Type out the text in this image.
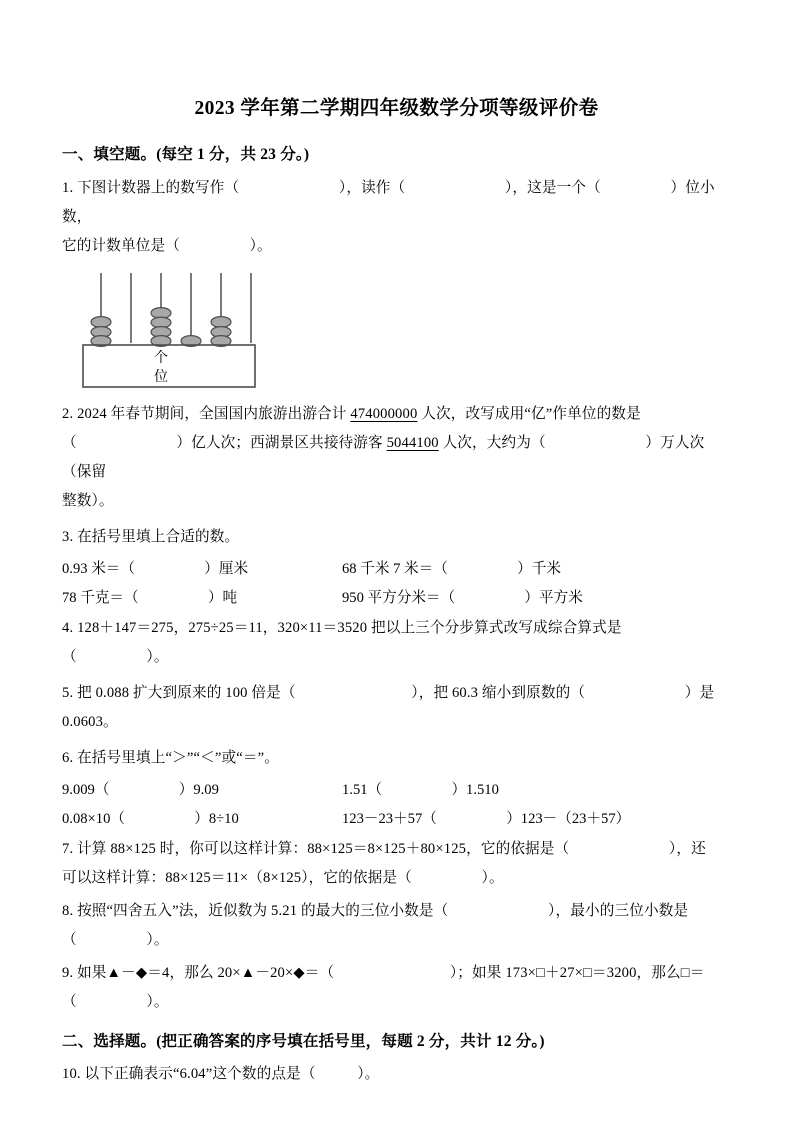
2023 学年第二学期四年级数学分项等级评价卷
一、填空题。(每空 1 分，共 23 分。)
1. 下图计数器上的数写作（	），读作（	），这是一个（	）位小数，
它的计数单位是（	）。
个
位
2. 2024 年春节期间，全国国内旅游出游合计 474000000 人次，改写成用“亿”作单位的数是
（	）亿人次；西湖景区共接待游客 5044100 人次，大约为（	）万人次（保留
整数）。
3. 在括号里填上合适的数。
0.93 米＝（	）厘米	68 千米 7 米＝（	）千米
78 千克＝（	）吨	950 平方分米＝（	）平方米
4. 128＋147＝275，275÷25＝11，320×11＝3520 把以上三个分步算式改写成综合算式是
（	）。
5. 把 0.088 扩大到原来的 100 倍是（	），把 60.3 缩小到原数的（	）是 0.0603。
6. 在括号里填上“＞”“＜”或“＝”。
9.009（	）9.09	1.51（	）1.510
0.08×10（	）8÷10	123－23＋57（	）123－（23＋57）
7. 计算 88×125 时，你可以这样计算：88×125＝8×125＋80×125，它的依据是（	），还
可以这样计算：88×125＝11×（8×125），它的依据是（	）。
8. 按照“四舍五入”法，近似数为 5.21 的最大的三位小数是（	），最小的三位小数是
（	）。
9. 如果▲－◆＝4，那么 20×▲－20×◆＝（	）；如果 173×□＋27×□＝3200，那么□＝
（	）。
二、选择题。(把正确答案的序号填在括号里，每题 2 分，共计 12 分。)
10. 以下正确表示“6.04”这个数的点是（	）。
